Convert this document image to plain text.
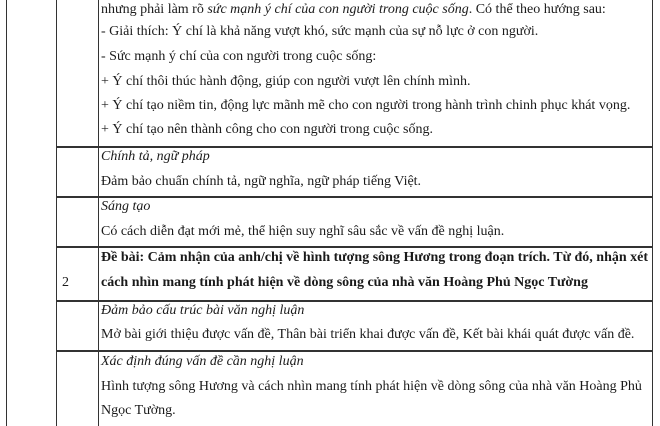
nhưng phải làm rõ sức mạnh ý chí của con người trong cuộc sống. Có thể theo hướng sau:
- Giải thích: Ý chí là khả năng vượt khó, sức mạnh của sự nỗ lực ở con người.
- Sức mạnh ý chí của con người trong cuộc sống:
+ Ý chí thôi thúc hành động, giúp con người vượt lên chính mình.
+ Ý chí tạo niềm tin, động lực mãnh mẽ cho con người trong hành trình chinh phục khát vọng.
+ Ý chí tạo nên thành công cho con người trong cuộc sống.
Chính tả, ngữ pháp
Đảm bảo chuẩn chính tả, ngữ nghĩa, ngữ pháp tiếng Việt.
Sáng tạo
Có cách diễn đạt mới mẻ, thể hiện suy nghĩ sâu sắc về vấn đề nghị luận.
2
Đề bài: Cảm nhận của anh/chị về hình tượng sông Hương trong đoạn trích. Từ đó, nhận xét
cách nhìn mang tính phát hiện về dòng sông của nhà văn Hoàng Phủ Ngọc Tường
Đảm bảo cấu trúc bài văn nghị luận
Mở bài giới thiệu được vấn đề, Thân bài triển khai được vấn đề, Kết bài khái quát được vấn đề.
Xác định đúng vấn đề cần nghị luận
Hình tượng sông Hương và cách nhìn mang tính phát hiện về dòng sông của nhà văn Hoàng Phủ
Ngọc Tường.
